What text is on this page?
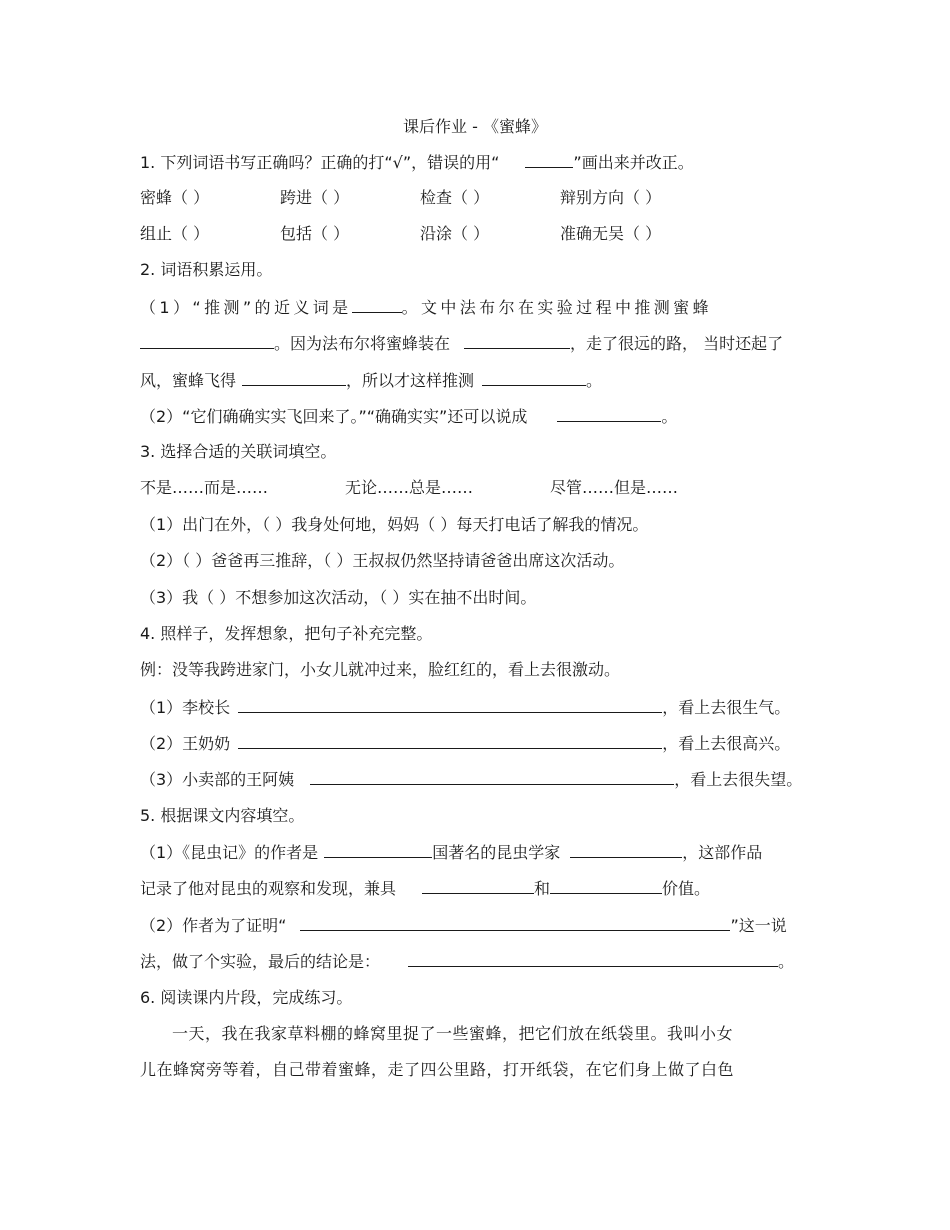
课后作业 - 《蜜蜂》
1. 下列词语书写正确吗？正确的打“√”，错误的用“	”画出来并改正。
密蜂（ ）	跨进（ ）	检查（ ）	辩别方向（ ）
组止（ ）	包括（ ）	沿涂（ ）	准确无吴（ ）
2. 词语积累运用。
（1）“推测”的近义词是	。文中法布尔在实验过程中推测蜜蜂
。因为法布尔将蜜蜂装在	，走了很远的路， 当时还起了
风，蜜蜂飞得	，所以才这样推测	。
（2）“它们确确实实飞回来了。”“确确实实”还可以说成	。
3. 选择合适的关联词填空。
不是……而是……	无论……总是……	尽管……但是……
（1）出门在外，（ ）我身处何地，妈妈（ ）每天打电话了解我的情况。
（2）（ ）爸爸再三推辞，（ ）王叔叔仍然坚持请爸爸出席这次活动。
（3）我（ ）不想参加这次活动，（ ）实在抽不出时间。
4. 照样子，发挥想象，把句子补充完整。
例：没等我跨进家门，小女儿就冲过来，脸红红的，看上去很激动。
（1）李校长	，看上去很生气。
（2）王奶奶	，看上去很高兴。
（3）小卖部的王阿姨	，看上去很失望。
5. 根据课文内容填空。
（1）《昆虫记》的作者是	国著名的昆虫学家	，这部作品
记录了他对昆虫的观察和发现，兼具	和	价值。
（2）作者为了证明“	”这一说
法，做了个实验，最后的结论是：	。
6. 阅读课内片段，完成练习。
一天，我在我家草料棚的蜂窝里捉了一些蜜蜂，把它们放在纸袋里。我叫小女
儿在蜂窝旁等着，自己带着蜜蜂，走了四公里路，打开纸袋，在它们身上做了白色
